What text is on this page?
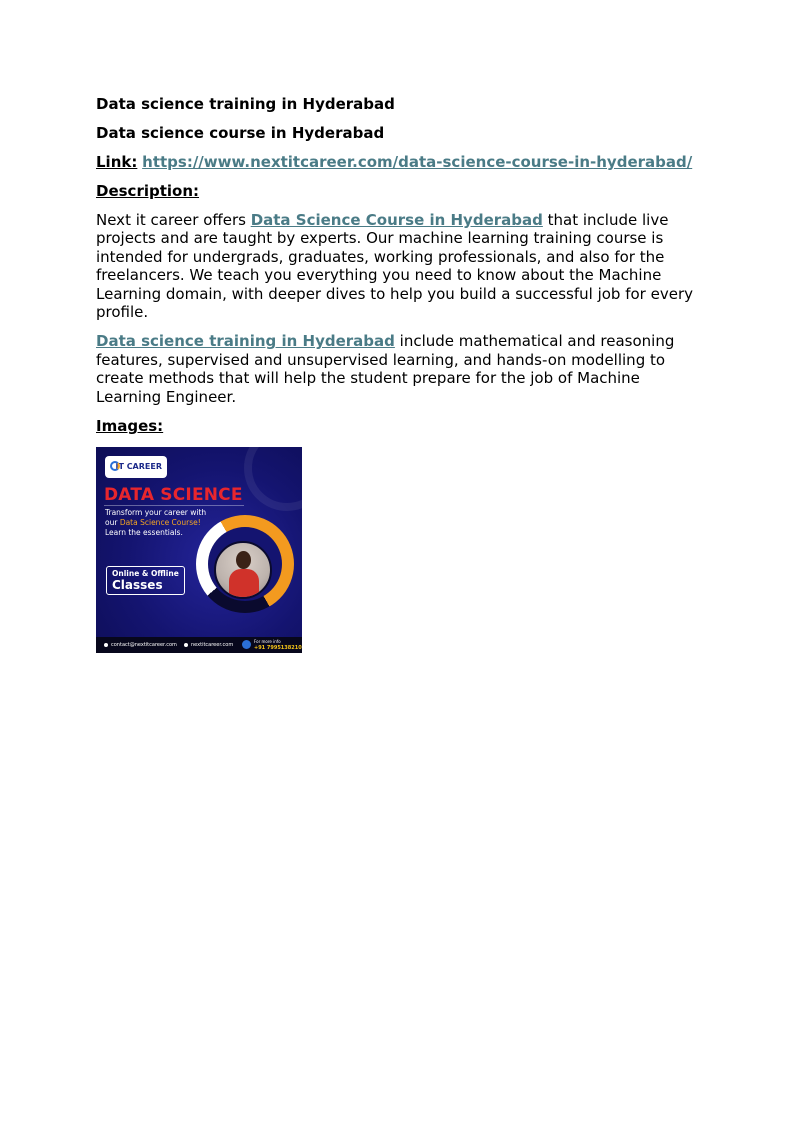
Data science training in Hyderabad
Data science course in Hyderabad
Link: https://www.nextitcareer.com/data-science-course-in-hyderabad/
Description:

Next it career offers Data Science Course in Hyderabad that include live projects and are taught by experts. Our machine learning training course is intended for undergrads, graduates, working professionals, and also for the freelancers. We teach you everything you need to know about the Machine Learning domain, with deeper dives to help you build a successful job for every profile.

Data science training in Hyderabad include mathematical and reasoning features, supervised and unsupervised learning, and hands-on modelling to create methods that will help the student prepare for the job of Machine Learning Engineer.

Images:
IT CAREER
DATA SCIENCE
Transform your career with
our Data Science Course!
Learn the essentials.
Online & Offline
Classes
contact@nextitcareer.com	nextitcareer.com
For more info
+91 7995138210
